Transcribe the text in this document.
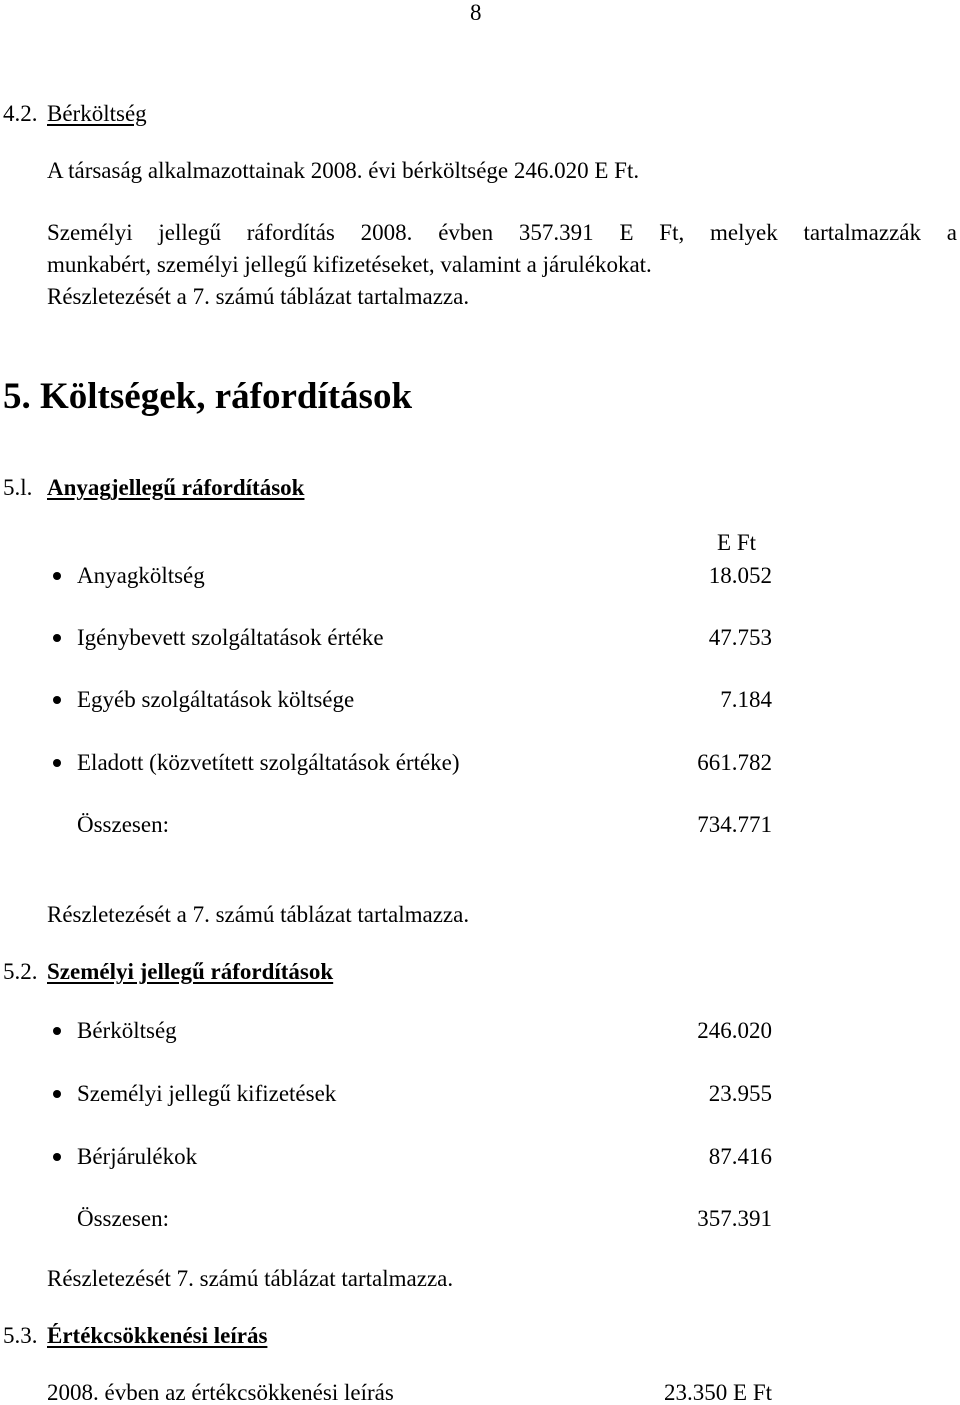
8
4.2. Bérköltség
A társaság alkalmazottainak 2008. évi bérköltsége 246.020 E Ft.
Személyi jellegű ráfordítás 2008. évben 357.391 E Ft, melyek tartalmazzák a
munkabért, személyi jellegű kifizetéseket, valamint a járulékokat.
Részletezését a 7. számú táblázat tartalmazza.
5. Költségek, ráfordítások
5.l. Anyagjellegű ráfordítások
E Ft
Anyagköltség	18.052
Igénybevett szolgáltatások értéke	47.753
Egyéb szolgáltatások költsége	7.184
Eladott (közvetített szolgáltatások értéke)	661.782
Összesen:	734.771
Részletezését a 7. számú táblázat tartalmazza.
5.2. Személyi jellegű ráfordítások
Bérköltség	246.020
Személyi jellegű kifizetések	23.955
Bérjárulékok	87.416
Összesen:	357.391
Részletezését 7. számú táblázat tartalmazza.
5.3. Értékcsökkenési leírás
2008. évben az értékcsökkenési leírás	23.350 E Ft
